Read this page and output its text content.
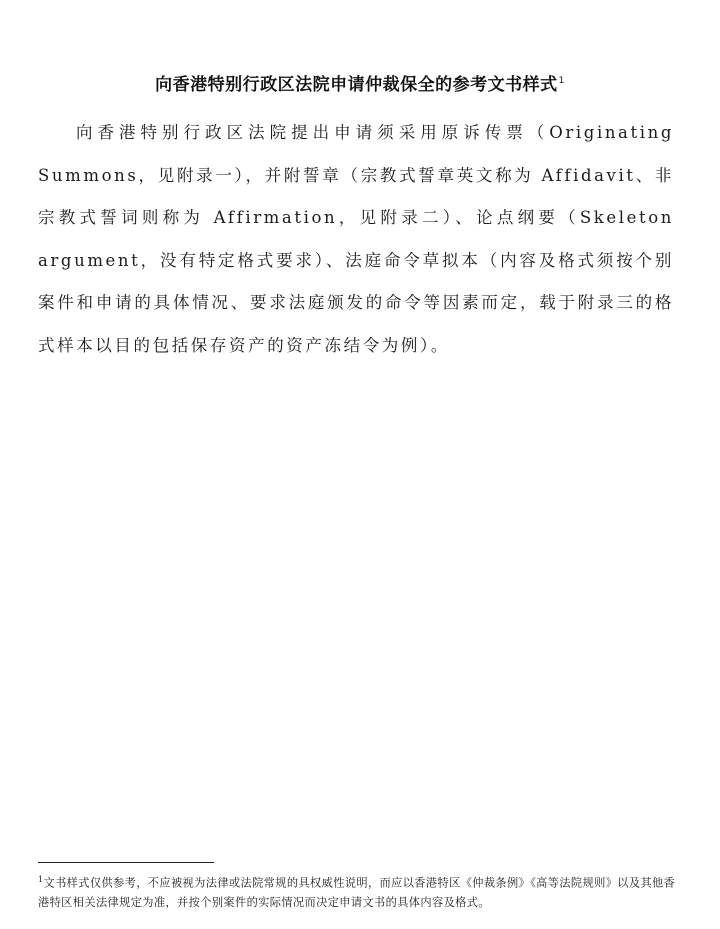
向香港特别行政区法院申请仲裁保全的参考文书样式$^1$

向香港特别行政区法院提出申请须采用原诉传票（Originating Summons，见附录一），并附誓章（宗教式誓章英文称为 Affidavit、非宗教式誓词则称为 Affirmation，见附录二）、论点纲要（Skeleton argument，没有特定格式要求）、法庭命令草拟本（内容及格式须按个别案件和申请的具体情况、要求法庭颁发的命令等因素而定，载于附录三的格式样本以目的包括保存资产的资产冻结令为例）。

$^1$文书样式仅供参考，不应被视为法律或法院常规的具权威性说明，而应以香港特区《仲裁条例》《高等法院规则》以及其他香港特区相关法律规定为准，并按个别案件的实际情况而决定申请文书的具体内容及格式。
